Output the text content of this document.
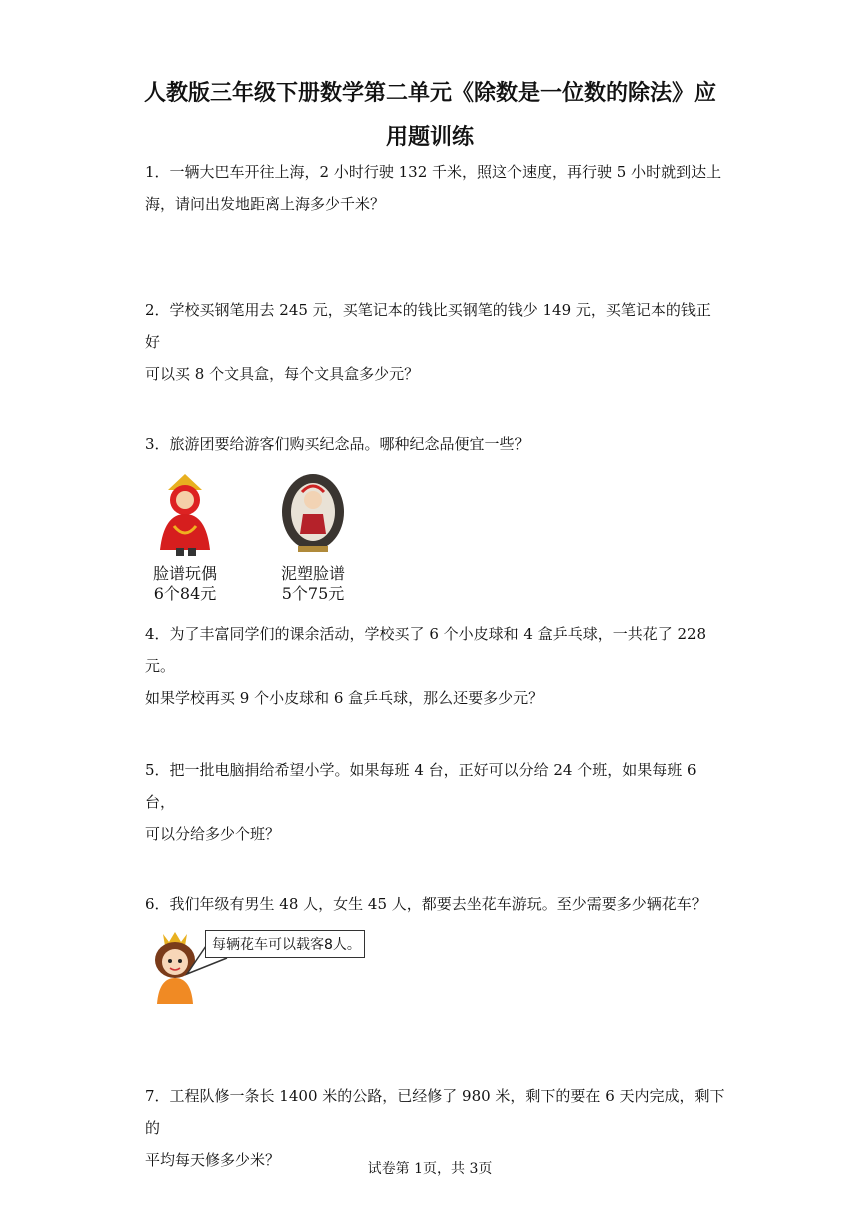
人教版三年级下册数学第二单元《除数是一位数的除法》应
用题训练
1．一辆大巴车开往上海，2 小时行驶 132 千米，照这个速度，再行驶 5 小时就到达上
海，请问出发地距离上海多少千米？
2．学校买钢笔用去 245 元，买笔记本的钱比买钢笔的钱少 149 元，买笔记本的钱正好
可以买 8 个文具盒，每个文具盒多少元？
3．旅游团要给游客们购买纪念品。哪种纪念品便宜一些？
脸谱玩偶
6个84元
泥塑脸谱
5个75元
4．为了丰富同学们的课余活动，学校买了 6 个小皮球和 4 盒乒乓球，一共花了 228 元。
如果学校再买 9 个小皮球和 6 盒乒乓球，那么还要多少元？
5．把一批电脑捐给希望小学。如果每班 4 台，正好可以分给 24 个班，如果每班 6 台，
可以分给多少个班？
6．我们年级有男生 48 人，女生 45 人，都要去坐花车游玩。至少需要多少辆花车？
每辆花车可以载客8人。
7．工程队修一条长 1400 米的公路，已经修了 980 米，剩下的要在 6 天内完成，剩下的
平均每天修多少米？	试卷第 1页，共 3页
